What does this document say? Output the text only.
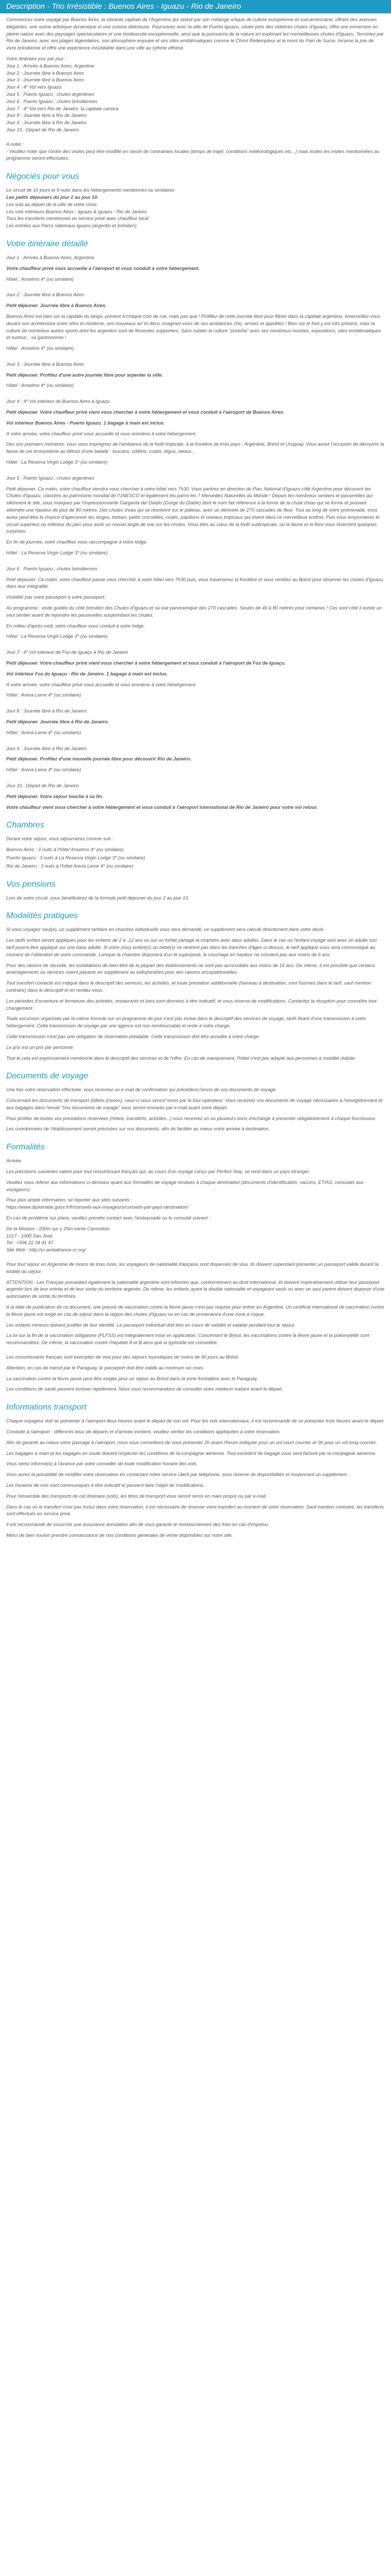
Description - Trio Irrésistible : Buenos Aires - Iguazu - Rio de Janeiro

Commencez votre voyage par Buenos Aires, la vibrante capitale de l'Argentine qui séduit par son mélange unique de culture européenne et sud-américaine, offrant des avenues élégantes, une scène artistique dynamique et une cuisine délicieuse. Poursuivez avec la ville de Puerto Iguazu, située près des célèbres chutes d'Iguazu, offre une immersion en pleine nature avec des paysages spectaculaires et une biodiversité exceptionnelle, ainsi que la puissance de la nature en explorant les merveilleuses chutes d'Iguazu. Terminez par Rio de Janeiro, avec ses plages légendaires, son atmosphère enjouée et ses sites emblématiques comme le Christ Rédempteur et le mont du Pain de Sucre, incarne la joie de vivre brésilienne et offre une expérience inoubliable dans une ville au rythme effréné.

Votre itinéraire jour par jour :

Jour 1 : Arrivée à Buenos Aires, Argentine
Jour 2 : Journée libre à Buenos Aires
Jour 3 : Journée libre à Buenos Aires
Jour 4 : 4* Vol vers Iguazu
Jour 5 : Puerto Iguazu : chutes argentines
Jour 6 : Puerto Iguazu : chutes brésiliennes
Jour 7 : 4* Vol vers Rio de Janeiro, la capitale carioca
Jour 8 : Journée libre à Rio de Janeiro
Jour 9 : Journée libre à Rio de Janeiro
Jour 10 : Départ de Rio de Janeiro

A noter :

- Veuillez noter que l'ordre des visites peut être modifié en raison de contraintes locales (temps de trajet, conditions météorologiques etc...) mais toutes les visites mentionnées au programme seront effectuées.

Négociés pour vous
Le circuit de 10 jours et 9 nuits dans les hébergements mentionnés ou similaires
Les petits déjeuners du jour 2 au jour 10.
Les vols au départ de la ville de votre choix
Les vols intérieurs Buenos Aires - Iguazu & Iguazu - Rio de Janeiro
Tous les transferts mentionnés en service privé avec chauffeur local
Les entrées aux Parcs nationaux Iguazu (argentin et brésilien)
Votre itinéraire détaillé

Jour 1 : Arrivée à Buenos Aires, Argentine

Votre chauffeur privé vous accueille à l'aéroport et vous conduit à votre hébergement.

Hôtel : Anselmo 4* (ou similaire)

Jour 2 : Journée libre à Buenos Aires

Petit déjeuner. Journée libre à Buenos Aires.

Buenos Aires est bien sur la capitale du tango, présent à chaque coin de rue, mais pas que ! Profitez de cette journée libre pour flâner dans la capitale argentine, émerveillez-vous devant son architecture entre rétro et moderne, ses nouveaux art et déco, imaginez-vous de ses ambiances chic, arrivez et apprêtez ! Bien sûr le foot y est très présent, mais la culture de nombreux autres sports dont les argentins sont de ferventes supporters. Sans oublier la culture "porteña" avec ses nombreux musées, expositions, sites emblématiques et surtout... sa gastronomie !

Hôtel : Anselmo 4* (ou similaire)

Jour 3 : Journée libre à Buenos Aires

Petit déjeuner. Profitez d'une autre journée libre pour arpenter la ville.

Hôtel : Anselmo 4* (ou similaire)

Jour 4 : 4* Vol intérieur de Buenos Aires à Iguazu

Petit déjeuner. Votre chauffeur privé vient vous chercher à votre hébergement et vous conduit à l'aéroport de Buenos Aires.

Vol intérieur Buenos Aires - Puerto Iguazu. 1 bagage à main est inclus.

A votre arrivée, votre chauffeur privé vous accueille et vous emmène à votre hébergement.

Des vos premiers moments, vous vous imprégnez de l'ambiance de la forêt tropicale, à la frontière de trois pays : Argentine, Brésil et Uruguay. Vous aurez l'occasion de découvrir la faune de cet écosystème au détour d'une balade : toucans, colibris, coatis, tégus, tatous...

Hôtel : La Reserva Virgin Lodge 3* (ou similaire)

Jour 5 : Puerto Iguazu : chutes argentines

Petit déjeuner. Ce matin, votre chauffeur viendra vous chercher à votre hôtel vers 7h30. Vous partirez en direction du Parc National d'Iguazu côté Argentine pour découvrir les Chutes d'Iguazu, classées au patrimoine mondial de l'UNESCO et également élu parmi les 7 Merveilles Naturelles du Monde ! Depuis les nombreux sentiers et passerelles qui sillonnent le site, vous marquez par l'impressionnante Garganta del Diablo (Gorge du Diable) dont le nom fait référence à la forme de la chute d'eau qui se forme et pouvant atteindre une hauteur de plus de 80 mètres. Des chutes d'eau qui se résolvent sur le plateau, avec un dénivelé de 270 cascades de fleur. Tout au long de votre promenade, vous aurez peut-être la chance d'apercevoir les singes, tortues, petits crocodiles, coatis, papillons et oiseaux tropicaux qui vivent dans ce merveilleux endroit. Puis vous emprunterez le circuit supérieur ou inférieur du parc pour avoir un nouvel angle de vue sur les chutes. Vous êtes au cœur de la forêt subtropicale, où la faune et la flore vous réservent quelques surprises.

En fin de journée, votre chauffeur vous raccompagne à votre lodge.

Hôtel : La Reserva Virgin Lodge 3* (ou similaire)

Jour 6 : Puerto Iguazu : chutes brésiliennes

Petit déjeuner. Ce matin, votre chauffeur passe vous chercher à votre hôtel vers 7h30 puis, vous traverserez la frontière et vous rendrez au Brésil pour observer les chutes d'Iguazu dans leur intégralité.

Visibilité pas votre passeport à votre passeport.

Au programme : visite guidée du côté brésilien des Chutes d'Iguazu et sa vue panoramique des 270 cascades. Seules de 40 à 80 mètres pour certaines ! Ces sont côté il existe un seul sentier avant de rejoindre les passerelles surplombant les chutes.

En milieu d'après-midi, votre chauffeur vous conduit à votre lodge.

Hôtel : La Reserva Virgin Lodge 3* (ou similaire)

Jour 7 : 4* Vol intérieur de Foz de Iguaçu à Rio de Janeiro

Petit déjeuner. Votre chauffeur privé vient vous chercher à votre hébergement et vous conduit à l'aéroport de Foz de Iguaçu.

Vol intérieur Foz do Iguaçu - Rio de Janeiro. 1 bagage à main est inclus.

A votre arrivée, votre chauffeur privé vous accueille et vous emmène à votre hébergement.

Hôtel : Arena Leme 4* (ou similaire)

Jour 8 : Journée libre à Rio de Janeiro

Petit déjeuner. Journée libre à Rio de Janeiro.

Hôtel : Arena Leme 4* (ou similaire)

Jour 9 : Journée libre à Rio de Janeiro

Petit déjeuner. Profitez d'une nouvelle journée libre pour découvrir Rio de Janeiro.

Hôtel : Arena Leme 4* (ou similaire)

Jour 10 : Départ de Rio de Janeiro

Petit déjeuner. Votre séjour touche à sa fin.

Votre chauffeur vient vous chercher à votre hébergement et vous conduit à l'aéroport international de Rio de Janeiro pour votre vol retour.

Chambres

Durant votre séjour, vous séjournerez comme suit :

Buenos Aires : 3 nuits à l'hôtel Anselmo 4* (ou similaire)

Puerto Iguazu : 3 nuits à La Reserva Virgin Lodge 3* (ou similaire)

Rio de Janeiro : 3 nuits à l'hôtel Arena Leme 4* (ou similaire)

Vos pensions

Lors de votre circuit, vous bénéficierez de la formule petit déjeuner du jour 2 au jour 10.

Modalités pratiques

Si vous voyagez seul(e), un supplément tarifaire en chambre individuelle vous sera demandé, ce supplément sera calculé directement dans votre devis.

Les tarifs enfant seront appliqués pour les enfants de 2 à -12 ans ou sur un forfait partagé la chambre avec deux adultes. Dans le cas où l'enfant voyage seul avec un adulte son tarif pourra être appliqué sur une base adulte. Si votre (vos) enfant(s) ou bébé(s) ne rentrent pas dans les tranches d'âges ci-dessus, le tarif appliqué vous sera communiqué au moment de l'obtention de votre commande. Lorsque la chambre disposera d'un lit superposé, le couchage en hauteur ne convient pas aux moins de 6 ans.

Pour des raisons de sécurité, les installations de bien-être de la plupart des établissements ne sont pas accessibles aux moins de 16 ans. De même, il est possible que certains aménagements ou services soient payants en supplément ou indisponibles pour des raisons occupationnelles.

Tout transfert contacté est indiqué dans le descriptif des services, les activités, et toute prestation additionnelle (hameau à destination, sont fournies dans le tarif, sauf mention contraire) dans le descriptif et en rendez-vous.

Les périodes d'ouverture et fermeture des activités, restaurants et bars sont données à titre indicatif, et vous réserve de modifications. Contactez la réception pour connaître tout changement.

Toute excursion organisée par la même formule sur un programme de jour n'est pas inclue dans le descriptif des services de voyage, tarifs fixant d'une transmission à votre hébergement. Cette transmission de voyage par une agence est non remboursable et reste à votre charge.

Cette transmission n'est pas une obligation de réservation préalable. Cette transmission doit être annulée à votre charge.

Le prix est un prix par personne.

Tout le cela est expressément mentionné dans le descriptif des services et de l'offre. En cas de manquement, l'hôtel n'est pas adapté aux personnes à mobilité réduite.

Documents de voyage

Une fois votre réservation effectuée, vous recevrez un e-mail de confirmation qui précédera l'envoi de vos documents de voyage.

Concernant les documents de transport (billets d'avion), ceux-ci vous seront remis par le tour-opérateur. Vous recevrez vos documents de voyage nécessaires à l'enregistrement et aux bagages dans l'email "Vos documents de voyage" vous seront envoyés par e-mail avant votre départ.

Pour profiter de toutes vos prestations réservées (hôtels, transferts, activités...) vous recevrez un ou plusieurs bons d'échange à présenter obligatoirement à chaque fournisseur.

Les coordonnées de l'établissement seront précisées sur vos documents, afin de faciliter au mieux votre arrivée à destination.

Formalités

Arrivée

Les précisions suivantes valent pour tout ressortissant français qui, au cours d'un voyage conçu par Perfect Stay, se rend dans un pays étranger.

Veuillez vous référer aux informations ci-dessous quant aux formalités de voyage rendues à chaque destination (documents d'identification, vaccins, ETIAS, consulats aux voyageurs).

Pour plus ample information, se reporter aux sites suivants :

https://www.diplomatie.gouv.fr/fr/conseils-aux-voyageurs/conseils-par-pays-destination/

En cas de problème sur place, veuillez prendre contact avec l'ambassade ou le consulat suivant :

De la Mission - 200m sur y 25m vente Carmelitas
1017 - 1000 San José
Tel : +506 22 34 41 47
Site Web : http://cr.ambafrance-cr.org/

Pour tout séjour en Argentine de moins de trois mois, les voyageurs de nationalité française sont dispensés de visa. Ils doivent cependant présenter un passeport valide durant la totalité du séjour.

ATTENTION : Les Français possédant également la nationalité argentine sont informés que, conformément au droit international, ils doivent impérativement utiliser leur passeport argentin lors de leur entrée et de leur sortie du territoire argentin. De même, les enfants ayant la double nationalité et voyageant seuls ou avec un seul parent doivent disposer d'une autorisation de sortie du territoire.

A la date de publication de ce document, une preuve de vaccination contre la fièvre jaune n'est pas requise pour entrer en Argentine. Un certificat international de vaccination contre la fièvre jaune est exigé en cas de séjour dans la région des chutes d'Iguazu ou en cas de provenance d'une zone à risque.

Les enfants mineurs doivent justifier de leur identité. Le passeport individuel doit être en cours de validité et valable pendant tout le séjour.

La loi sur la fin de la vaccination obligatoire (PLFSS) est intégralement mise en application. Concernant le Brésil, les vaccinations contre la fièvre jaune et la poliomyélite sont recommandées. De même, la vaccination contre l'hépatite A et B ainsi que la typhoïde est conseillée.

Les ressortissants français sont exemptés de visa pour des séjours touristiques de moins de 90 jours au Brésil.

Attention, en cas de transit par le Paraguay, le passeport doit être valide au minimum six mois.

La vaccination contre la fièvre jaune peut être exigée pour un séjour au Brésil dans la zone frontalière avec le Paraguay.

Les conditions de santé peuvent évoluer rapidement. Nous vous recommandons de consulter votre médecin traitant avant le départ.

Informations transport

Chaque voyageur doit se présenter à l'aéroport deux heures avant le départ de son vol. Pour les vols internationaux, il est recommandé de se présenter trois heures avant le départ.

Conduite à l'aéroport : différents lieux de départs et d'arrivée existent, veuillez vérifier les conditions appliquées à votre réservation.

Afin de garantir au mieux votre passage à l'aéroport, nous vous conseillons de vous présenter 2h avant l'heure indiquée pour un vol court courrier et 3h pour un vol long-courrier.

Les bagages à main et les bagages en soute doivent respecter les conditions de la compagnie aérienne. Tout excédent de bagage vous sera facturé par la compagnie aérienne.

Vous serez informé(e) à l'avance par votre conseiller de toute modification horaire des vols.

Vous aurez la possibilité de modifier votre réservation en contactant notre service client par téléphone, sous réserve de disponibilités et moyennant un supplément.

Les horaires de vols sont communiqués à titre indicatif et peuvent faire l'objet de modifications.

Pour l'ensemble des transports de cet itinéraire (vols), les titres de transport vous seront remis en main propre ou par e-mail.

Dans le cas où le transfert n'est pas inclus dans votre réservation, il est nécessaire de réserver votre transfert au moment de votre réservation. Sauf mention contraire, les transferts sont effectués en service privé.

Il est recommandé de souscrire une assurance annulation afin de vous garantir le remboursement des frais en cas d'imprévu.

Merci de bien vouloir prendre connaissance de nos conditions générales de vente disponibles sur notre site.
